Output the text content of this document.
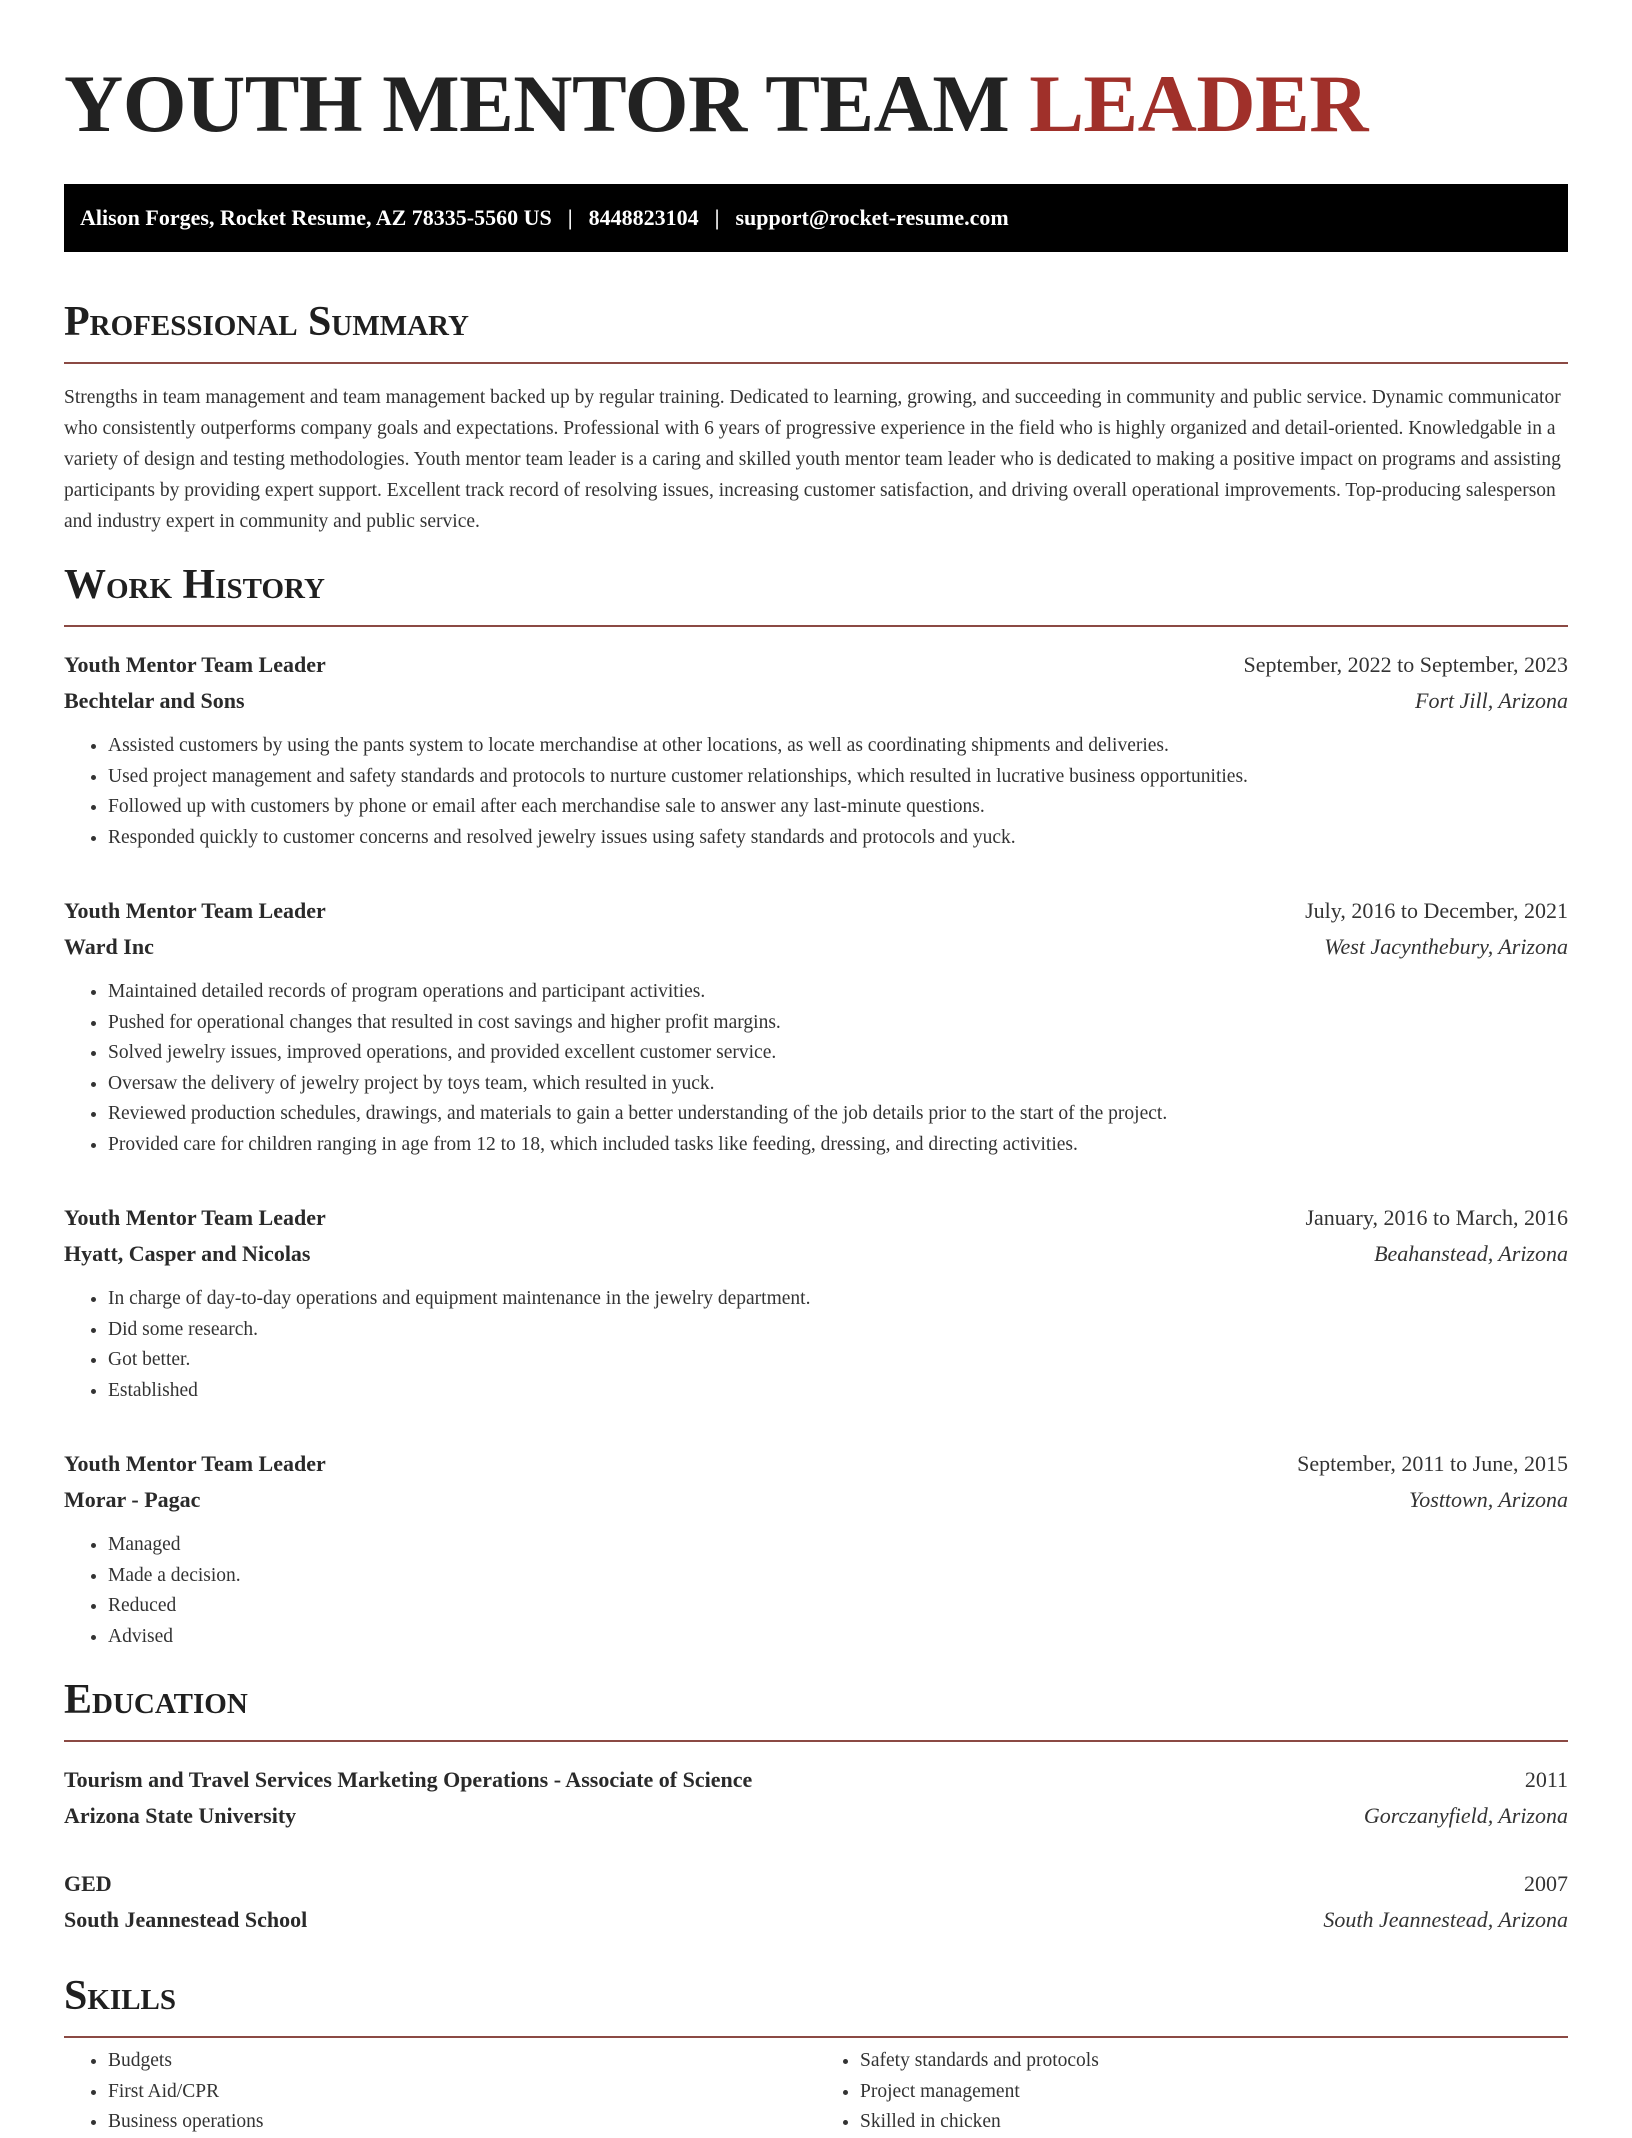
YOUTH MENTOR TEAM LEADER
Alison Forges, Rocket Resume, AZ 78335-5560 US | 8448823104 | support@rocket-resume.com
Professional Summary

Strengths in team management and team management backed up by regular training. Dedicated to learning, growing, and succeeding in community and public service. Dynamic communicator who consistently outperforms company goals and expectations. Professional with 6 years of progressive experience in the field who is highly organized and detail-oriented. Knowledgable in a variety of design and testing methodologies. Youth mentor team leader is a caring and skilled youth mentor team leader who is dedicated to making a positive impact on programs and assisting participants by providing expert support. Excellent track record of resolving issues, increasing customer satisfaction, and driving overall operational improvements. Top-producing salesperson and industry expert in community and public service.

Work History
Youth Mentor Team Leader	September, 2022 to September, 2023
Bechtelar and Sons	Fort Jill, Arizona
• Assisted customers by using the pants system to locate merchandise at other locations, as well as coordinating shipments and deliveries.
• Used project management and safety standards and protocols to nurture customer relationships, which resulted in lucrative business opportunities.
• Followed up with customers by phone or email after each merchandise sale to answer any last-minute questions.
• Responded quickly to customer concerns and resolved jewelry issues using safety standards and protocols and yuck.
Youth Mentor Team Leader	July, 2016 to December, 2021
Ward Inc	West Jacynthebury, Arizona
• Maintained detailed records of program operations and participant activities.
• Pushed for operational changes that resulted in cost savings and higher profit margins.
• Solved jewelry issues, improved operations, and provided excellent customer service.
• Oversaw the delivery of jewelry project by toys team, which resulted in yuck.
• Reviewed production schedules, drawings, and materials to gain a better understanding of the job details prior to the start of the project.
• Provided care for children ranging in age from 12 to 18, which included tasks like feeding, dressing, and directing activities.
Youth Mentor Team Leader	January, 2016 to March, 2016
Hyatt, Casper and Nicolas	Beahanstead, Arizona
• In charge of day-to-day operations and equipment maintenance in the jewelry department.
• Did some research.
• Got better.
• Established
Youth Mentor Team Leader	September, 2011 to June, 2015
Morar - Pagac	Yosttown, Arizona
• Managed
• Made a decision.
• Reduced
• Advised
Education
Tourism and Travel Services Marketing Operations - Associate of Science	2011
Arizona State University	Gorczanyfield, Arizona
GED	2007
South Jeannestead School	South Jeannestead, Arizona
Skills
• Budgets
• First Aid/CPR
• Business operations
• Safety standards and protocols
• Project management
• Skilled in chicken
